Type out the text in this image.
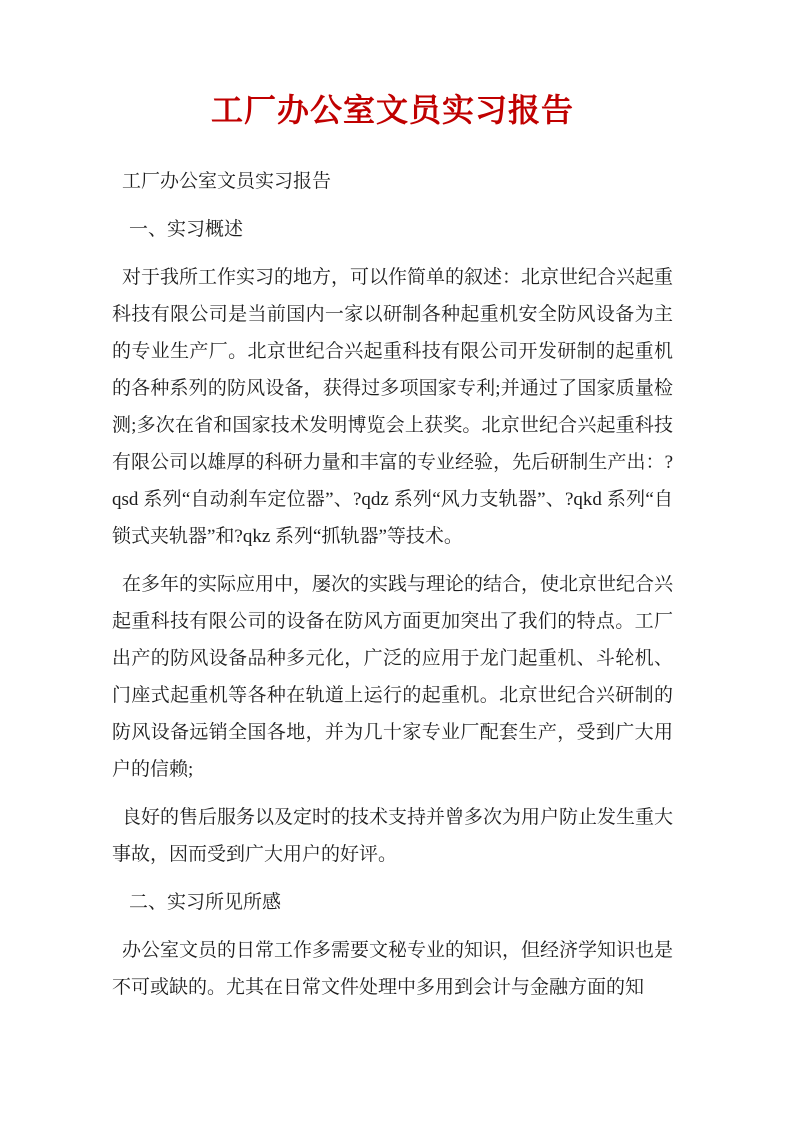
工厂办公室文员实习报告

工厂办公室文员实习报告

一、实习概述

对于我所工作实习的地方，可以作简单的叙述：北京世纪合兴起重科技有限公司是当前国内一家以研制各种起重机安全防风设备为主的专业生产厂。北京世纪合兴起重科技有限公司开发研制的起重机的各种系列的防风设备，获得过多项国家专利;并通过了国家质量检测;多次在省和国家技术发明博览会上获奖。北京世纪合兴起重科技有限公司以雄厚的科研力量和丰富的专业经验，先后研制生产出：?qsd 系列“自动刹车定位器”、?qdz 系列“风力支轨器”、?qkd 系列“自锁式夹轨器”和?qkz 系列“抓轨器”等技术。

在多年的实际应用中，屡次的实践与理论的结合，使北京世纪合兴起重科技有限公司的设备在防风方面更加突出了我们的特点。工厂出产的防风设备品种多元化，广泛的应用于龙门起重机、斗轮机、门座式起重机等各种在轨道上运行的起重机。北京世纪合兴研制的防风设备远销全国各地，并为几十家专业厂配套生产，受到广大用户的信赖;

良好的售后服务以及定时的技术支持并曾多次为用户防止发生重大事故，因而受到广大用户的好评。

二、实习所见所感

办公室文员的日常工作多需要文秘专业的知识，但经济学知识也是不可或缺的。尤其在日常文件处理中多用到会计与金融方面的知
